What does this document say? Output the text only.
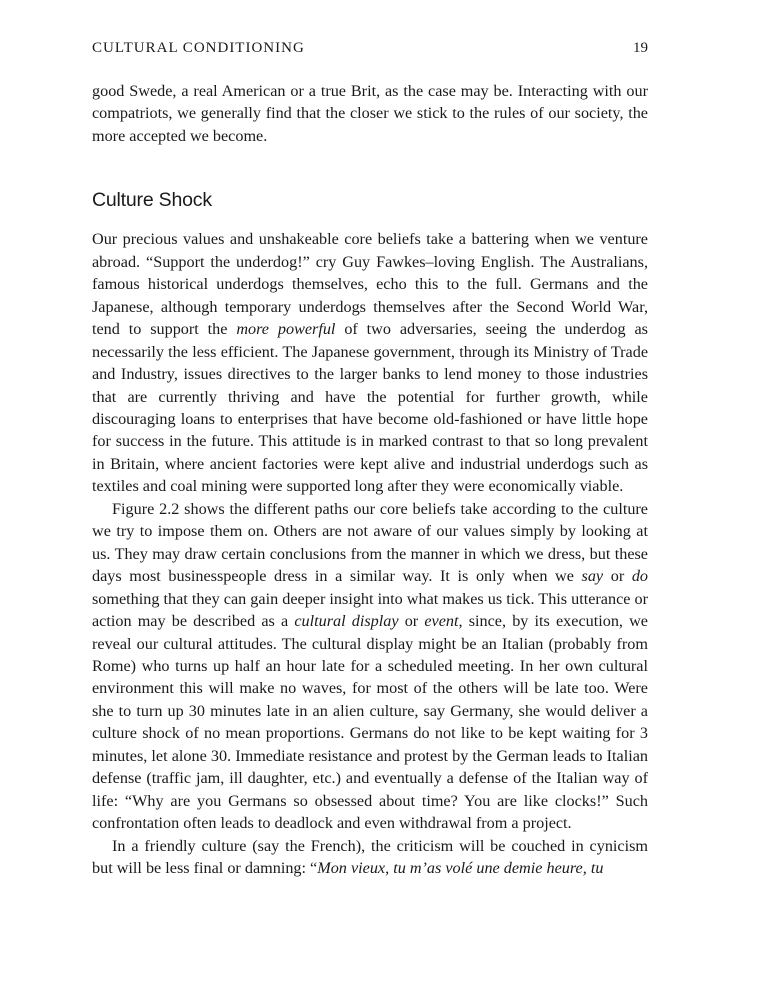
CULTURAL CONDITIONING	19

good Swede, a real American or a true Brit, as the case may be. Interacting with our compatriots, we generally find that the closer we stick to the rules of our society, the more accepted we become.

Culture Shock

Our precious values and unshakeable core beliefs take a battering when we venture abroad. “Support the underdog!” cry Guy Fawkes–loving English. The Australians, famous historical underdogs themselves, echo this to the full. Germans and the Japanese, although temporary underdogs themselves after the Second World War, tend to support the more powerful of two adversaries, seeing the underdog as necessarily the less efficient. The Japanese government, through its Ministry of Trade and Industry, issues directives to the larger banks to lend money to those industries that are currently thriving and have the potential for further growth, while discouraging loans to enterprises that have become old-fashioned or have little hope for success in the future. This attitude is in marked contrast to that so long prevalent in Britain, where ancient factories were kept alive and industrial underdogs such as textiles and coal mining were supported long after they were economically viable.

Figure 2.2 shows the different paths our core beliefs take according to the culture we try to impose them on. Others are not aware of our values simply by looking at us. They may draw certain conclusions from the manner in which we dress, but these days most businesspeople dress in a similar way. It is only when we say or do something that they can gain deeper insight into what makes us tick. This utterance or action may be described as a cultural display or event, since, by its execution, we reveal our cultural attitudes. The cultural display might be an Italian (probably from Rome) who turns up half an hour late for a scheduled meeting. In her own cultural environment this will make no waves, for most of the others will be late too. Were she to turn up 30 minutes late in an alien culture, say Germany, she would deliver a culture shock of no mean proportions. Germans do not like to be kept waiting for 3 minutes, let alone 30. Immediate resistance and protest by the German leads to Italian defense (traffic jam, ill daughter, etc.) and eventually a defense of the Italian way of life: “Why are you Germans so obsessed about time? You are like clocks!” Such confrontation often leads to deadlock and even withdrawal from a project.

In a friendly culture (say the French), the criticism will be couched in cynicism but will be less final or damning: “Mon vieux, tu m’as volé une demie heure, tu
